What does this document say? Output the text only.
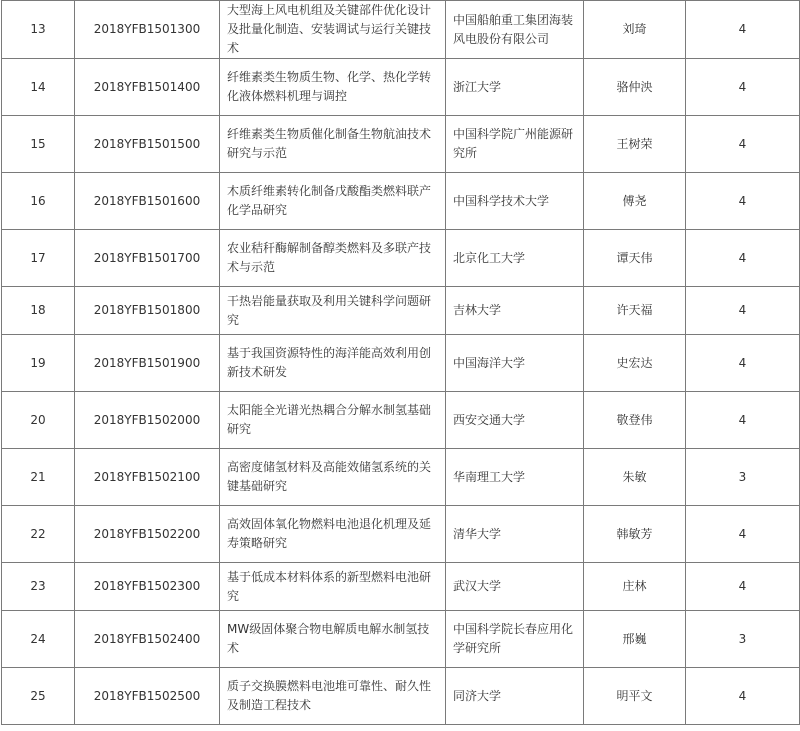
13	2018YFB1501300	大型海上风电机组及关键部件优化设计及批量化制造、安装调试与运行关键技术	中国船舶重工集团海装风电股份有限公司	刘琦	4
14	2018YFB1501400	纤维素类生物质生物、化学、热化学转化液体燃料机理与调控	浙江大学	骆仲泱	4
15	2018YFB1501500	纤维素类生物质催化制备生物航油技术研究与示范	中国科学院广州能源研究所	王树荣	4
16	2018YFB1501600	木质纤维素转化制备戊酸酯类燃料联产化学品研究	中国科学技术大学	傅尧	4
17	2018YFB1501700	农业秸秆酶解制备醇类燃料及多联产技术与示范	北京化工大学	谭天伟	4
18	2018YFB1501800	干热岩能量获取及利用关键科学问题研究	吉林大学	许天福	4
19	2018YFB1501900	基于我国资源特性的海洋能高效利用创新技术研发	中国海洋大学	史宏达	4
20	2018YFB1502000	太阳能全光谱光热耦合分解水制氢基础研究	西安交通大学	敬登伟	4
21	2018YFB1502100	高密度储氢材料及高能效储氢系统的关键基础研究	华南理工大学	朱敏	3
22	2018YFB1502200	高效固体氧化物燃料电池退化机理及延寿策略研究	清华大学	韩敏芳	4
23	2018YFB1502300	基于低成本材料体系的新型燃料电池研究	武汉大学	庄林	4
24	2018YFB1502400	MW级固体聚合物电解质电解水制氢技术	中国科学院长春应用化学研究所	邢巍	3
25	2018YFB1502500	质子交换膜燃料电池堆可靠性、耐久性及制造工程技术	同济大学	明平文	4
